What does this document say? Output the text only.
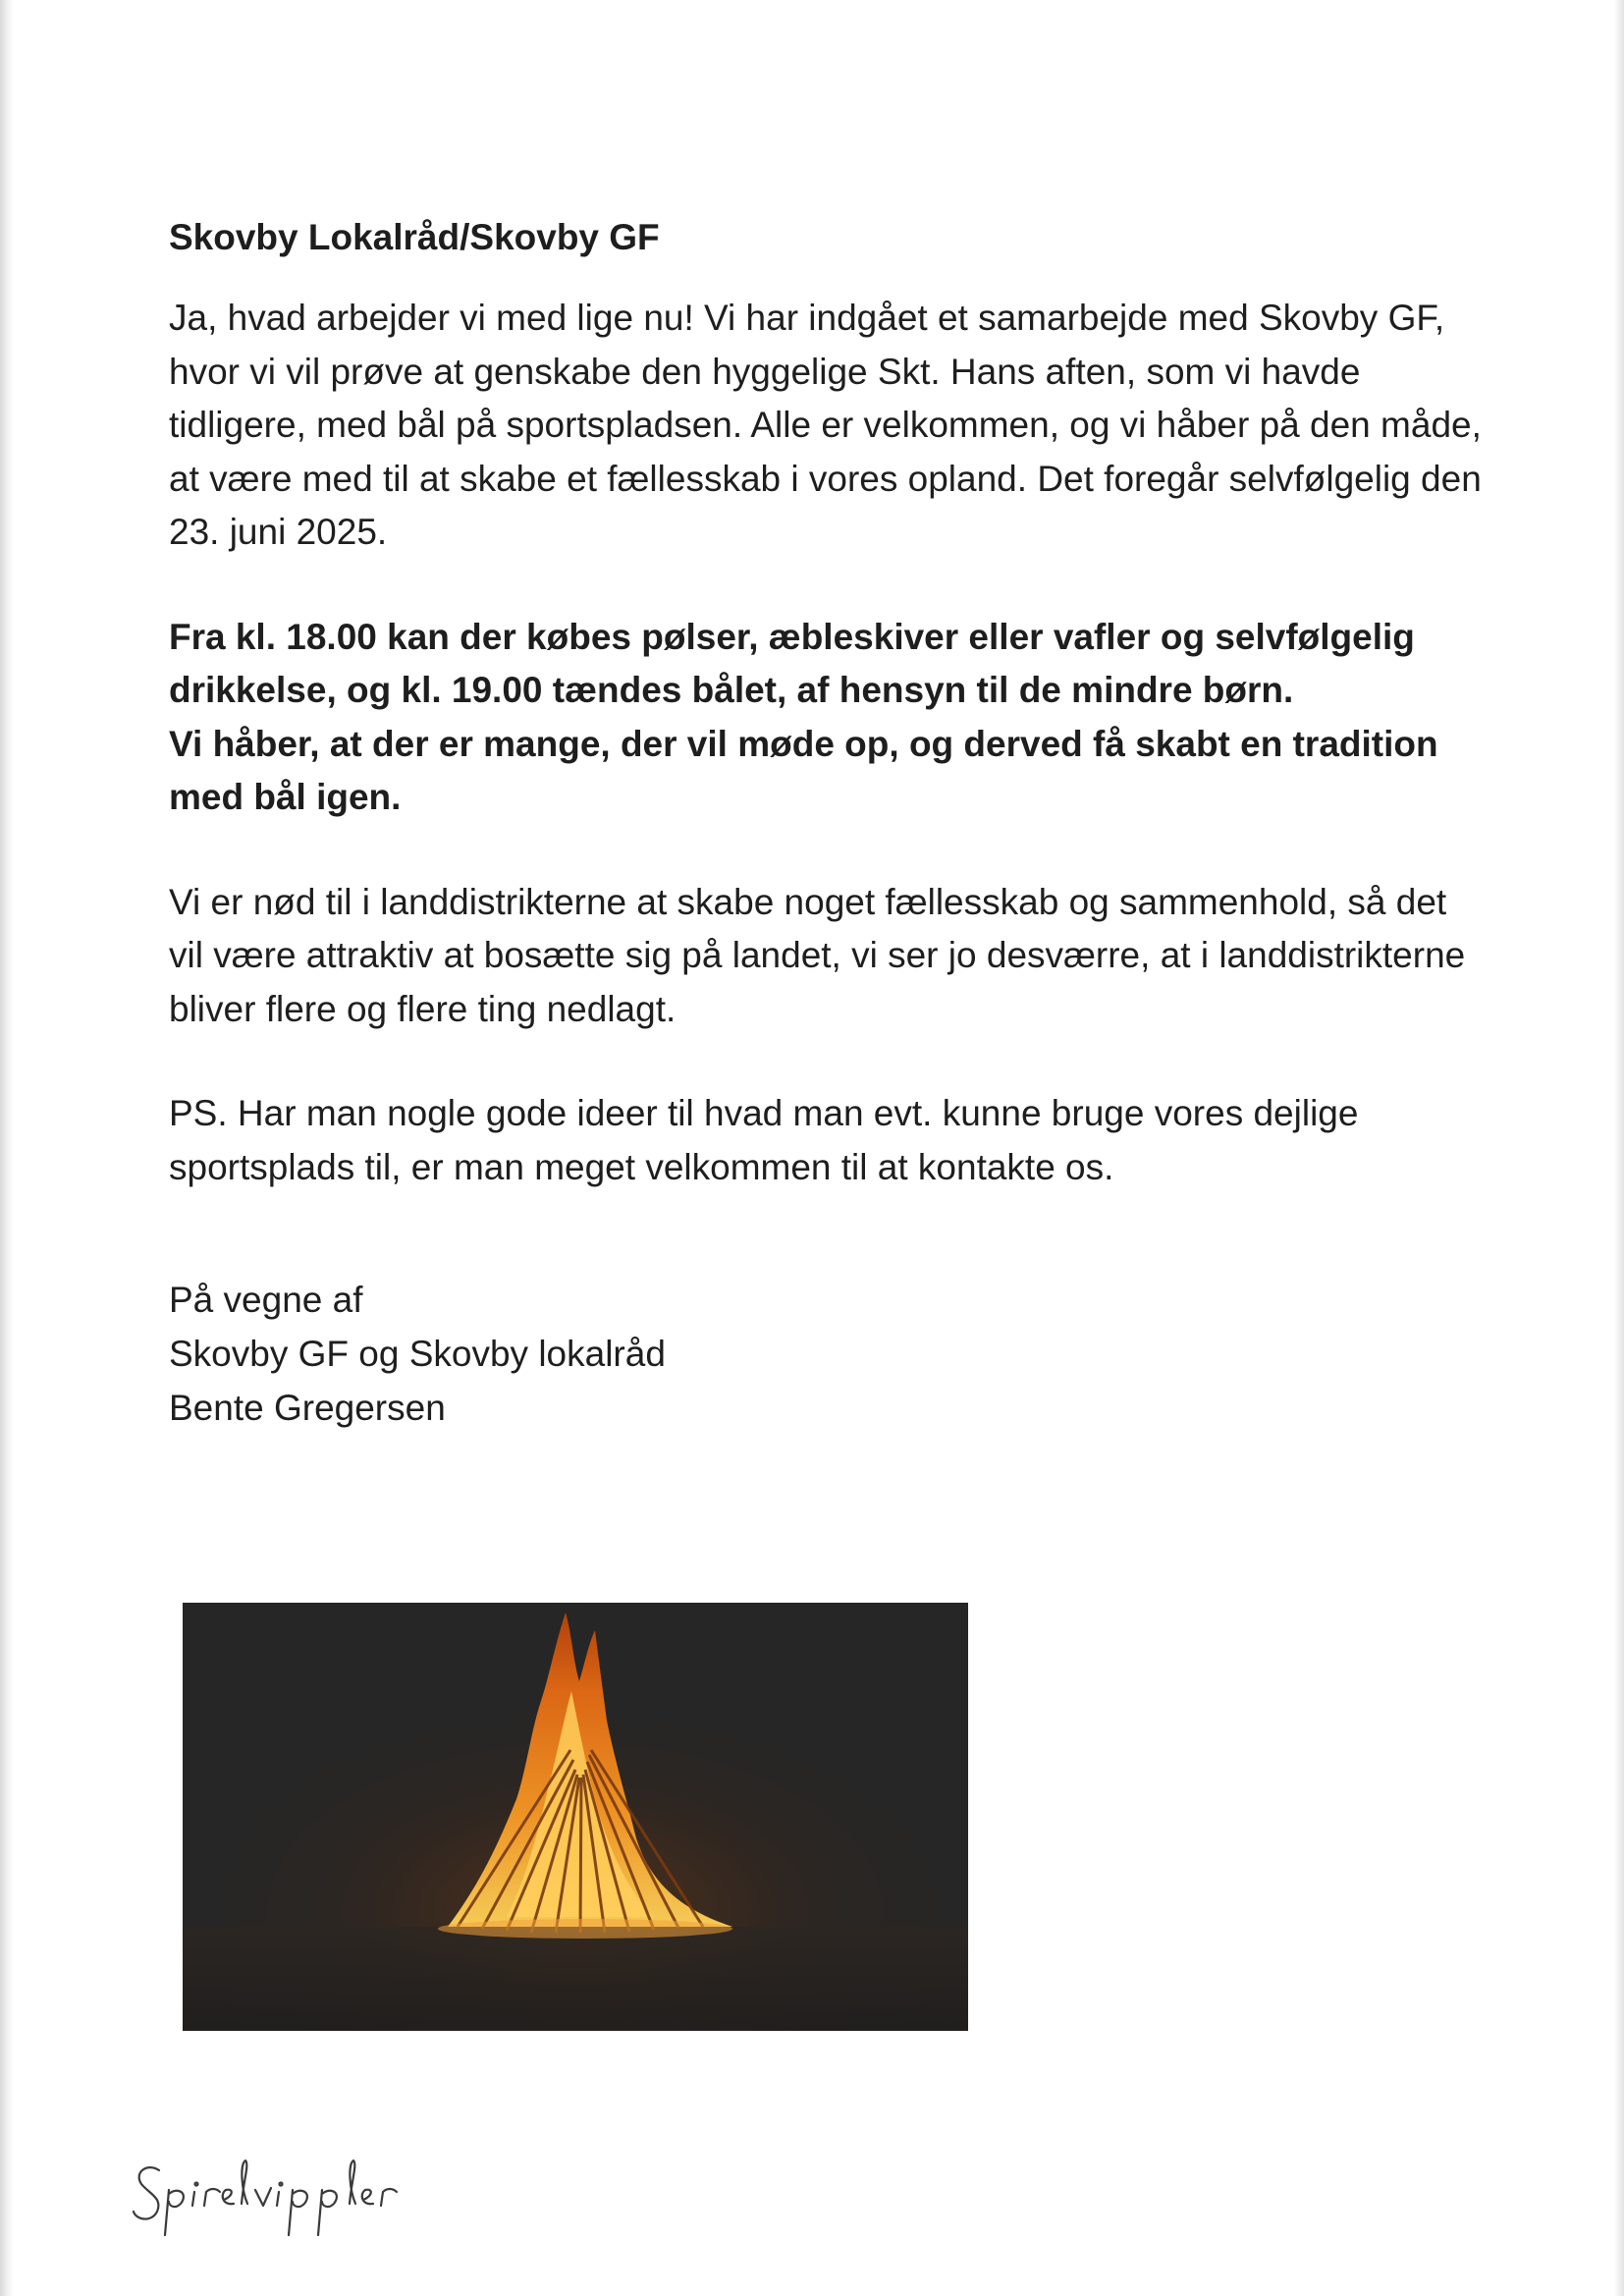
Skovby Lokalråd/Skovby GF
Ja, hvad arbejder vi med lige nu! Vi har indgået et samarbejde med Skovby GF, hvor vi vil prøve at genskabe den hyggelige Skt. Hans aften, som vi havde tidligere, med bål på sportspladsen. Alle er velkommen, og vi håber på den måde, at være med til at skabe et fællesskab i vores opland. Det foregår selvfølgelig den 23. juni 2025.
Fra kl. 18.00 kan der købes pølser, æbleskiver eller vafler og selvfølgelig drikkelse, og kl. 19.00 tændes bålet, af hensyn til de mindre børn.
Vi håber, at der er mange, der vil møde op, og derved få skabt en tradition med bål igen.
Vi er nød til i landdistrikterne at skabe noget fællesskab og sammenhold, så det vil være attraktiv at bosætte sig på landet, vi ser jo desværre, at i landdistrikterne bliver flere og flere ting nedlagt.
PS. Har man nogle gode ideer til hvad man evt. kunne bruge vores dejlige sportsplads til, er man meget velkommen til at kontakte os.
På vegne af
Skovby GF og Skovby lokalråd
Bente Gregersen
Spirevippler
